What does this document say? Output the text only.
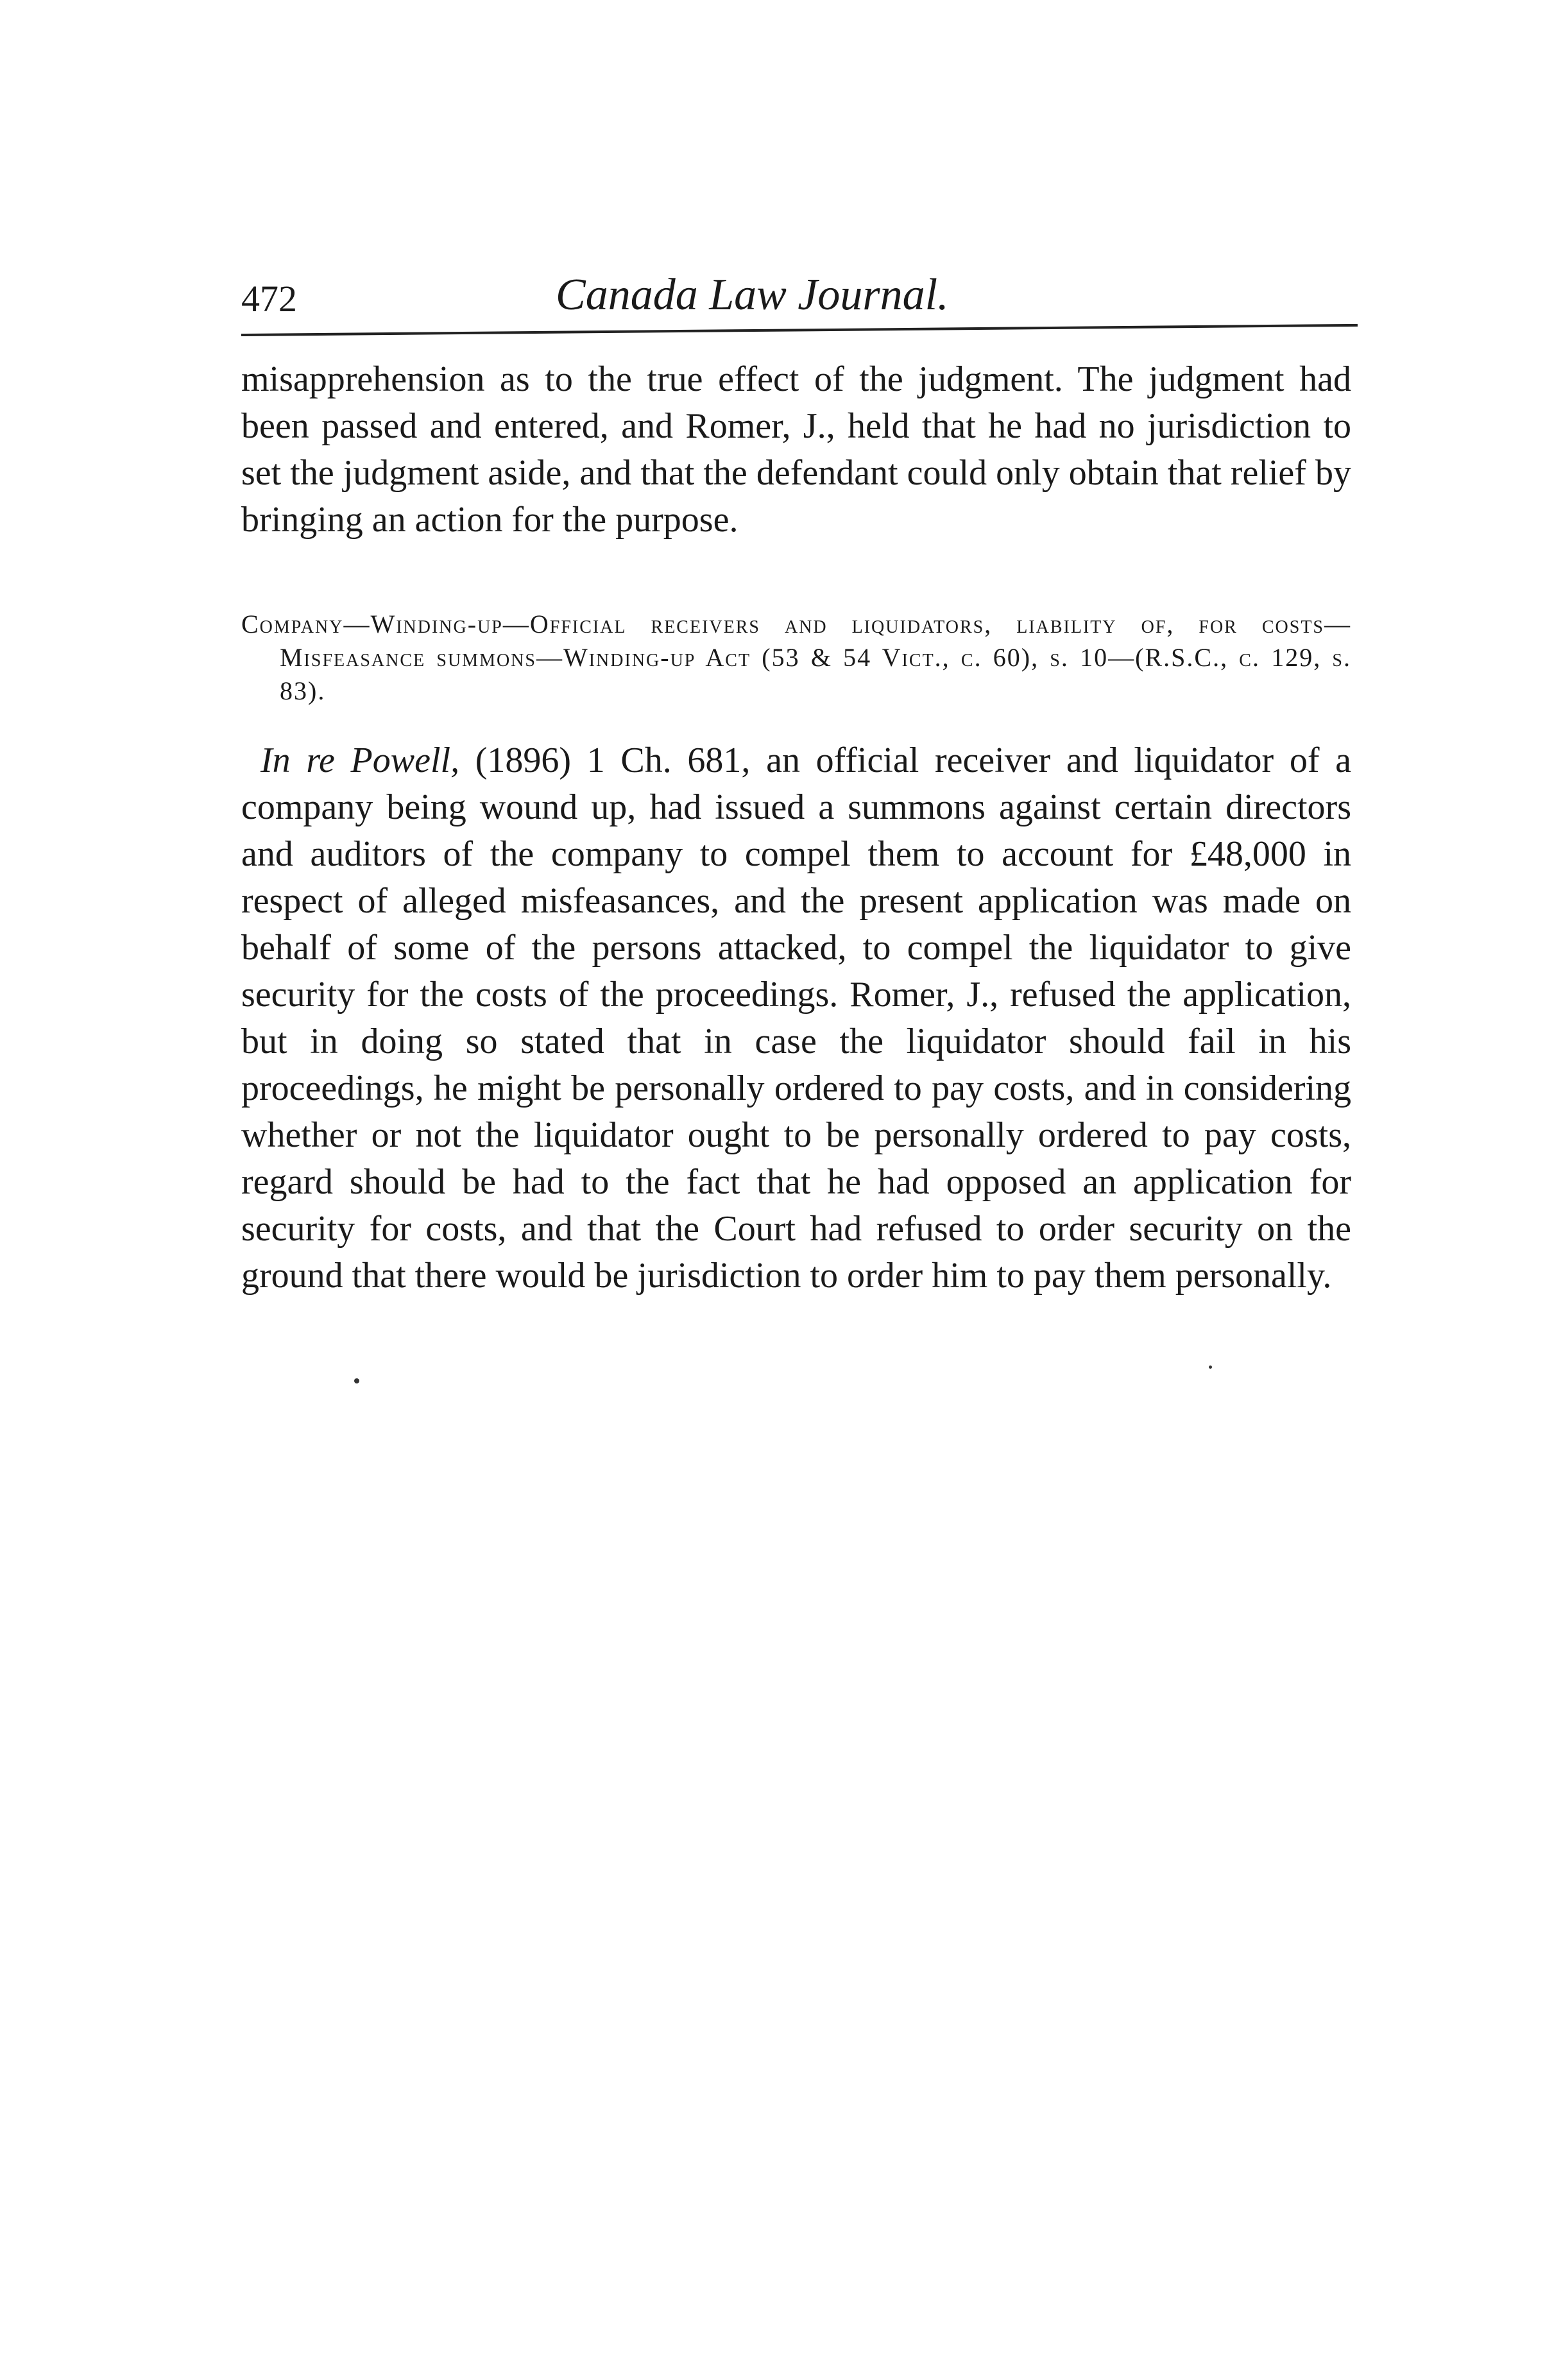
472	Canada Law Journal.

misapprehension as to the true effect of the judgment. The judgment had been passed and entered, and Romer, J., held that he had no jurisdiction to set the judgment aside, and that the defendant could only obtain that relief by bringing an action for the purpose.

Company—Winding-up—Official receivers and liquidators, liability of, for costs—Misfeasance summons—Winding-up Act (53 & 54 Vict., c. 60), s. 10—(R.S.C., c. 129, s. 83).

In re Powell, (1896) 1 Ch. 681, an official receiver and liquidator of a company being wound up, had issued a summons against certain directors and auditors of the company to compel them to account for £48,000 in respect of alleged misfeasances, and the present application was made on behalf of some of the persons attacked, to compel the liquidator to give security for the costs of the proceedings. Romer, J., refused the application, but in doing so stated that in case the liquidator should fail in his proceedings, he might be personally ordered to pay costs, and in considering whether or not the liquidator ought to be personally ordered to pay costs, regard should be had to the fact that he had opposed an application for security for costs, and that the Court had refused to order security on the ground that there would be jurisdiction to order him to pay them personally.
